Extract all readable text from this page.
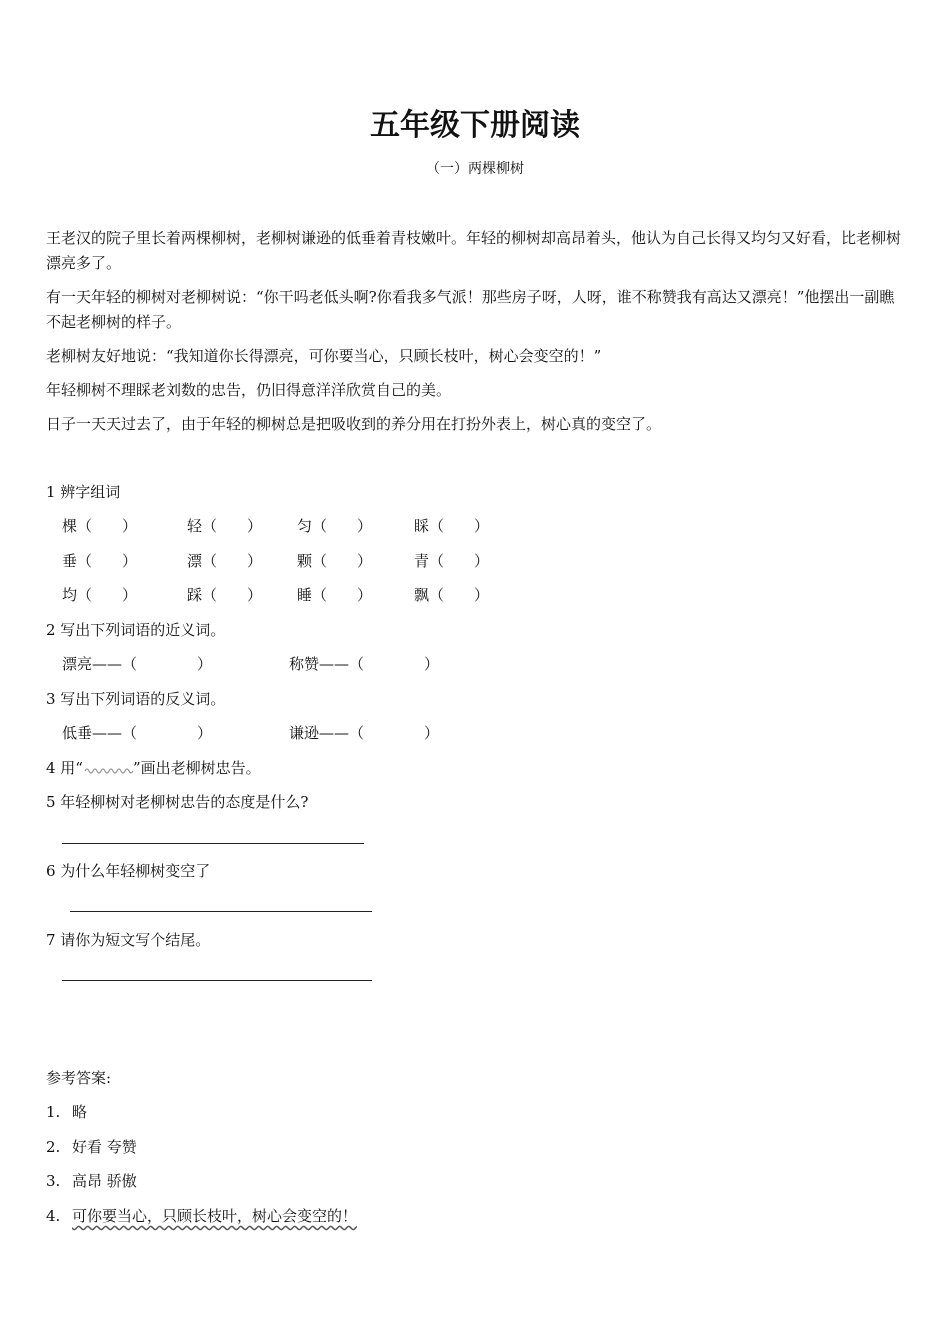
五年级下册阅读
（一）两棵柳树

王老汉的院子里长着两棵柳树，老柳树谦逊的低垂着青枝嫩叶。年轻的柳树却高昂着头，他认为自己长得又均匀又好看，比老柳树漂亮多了。

有一天年轻的柳树对老柳树说：“你干吗老低头啊?你看我多气派！那些房子呀，人呀，谁不称赞我有高达又漂亮！”他摆出一副瞧不起老柳树的样子。

老柳树友好地说：“我知道你长得漂亮，可你要当心，只顾长枝叶，树心会变空的！”

年轻柳树不理睬老刘数的忠告，仍旧得意洋洋欣赏自己的美。

日子一天天过去了，由于年轻的柳树总是把吸收到的养分用在打扮外表上，树心真的变空了。

1 辨字组词
棵（　　）	轻（　　） 匀（　　）	睬（　　）
垂（　　）	漂（　　） 颗（　　）	青（　　）
均（　　）	踩（　　） 睡（　　）	飘（　　）
2 写出下列词语的近义词。
漂亮——（　　　　）	称赞——（　　　　）
3 写出下列词语的反义词。
低垂——（　　　　）	谦逊——（　　　　）
4 用“	”画出老柳树忠告。
5 年轻柳树对老柳树忠告的态度是什么?
6 为什么年轻柳树变空了
7 请你为短文写个结尾。
参考答案:
1. 略
2. 好看 夸赞
3. 高昂 骄傲
4. 可你要当心，只顾长枝叶，树心会变空的！
